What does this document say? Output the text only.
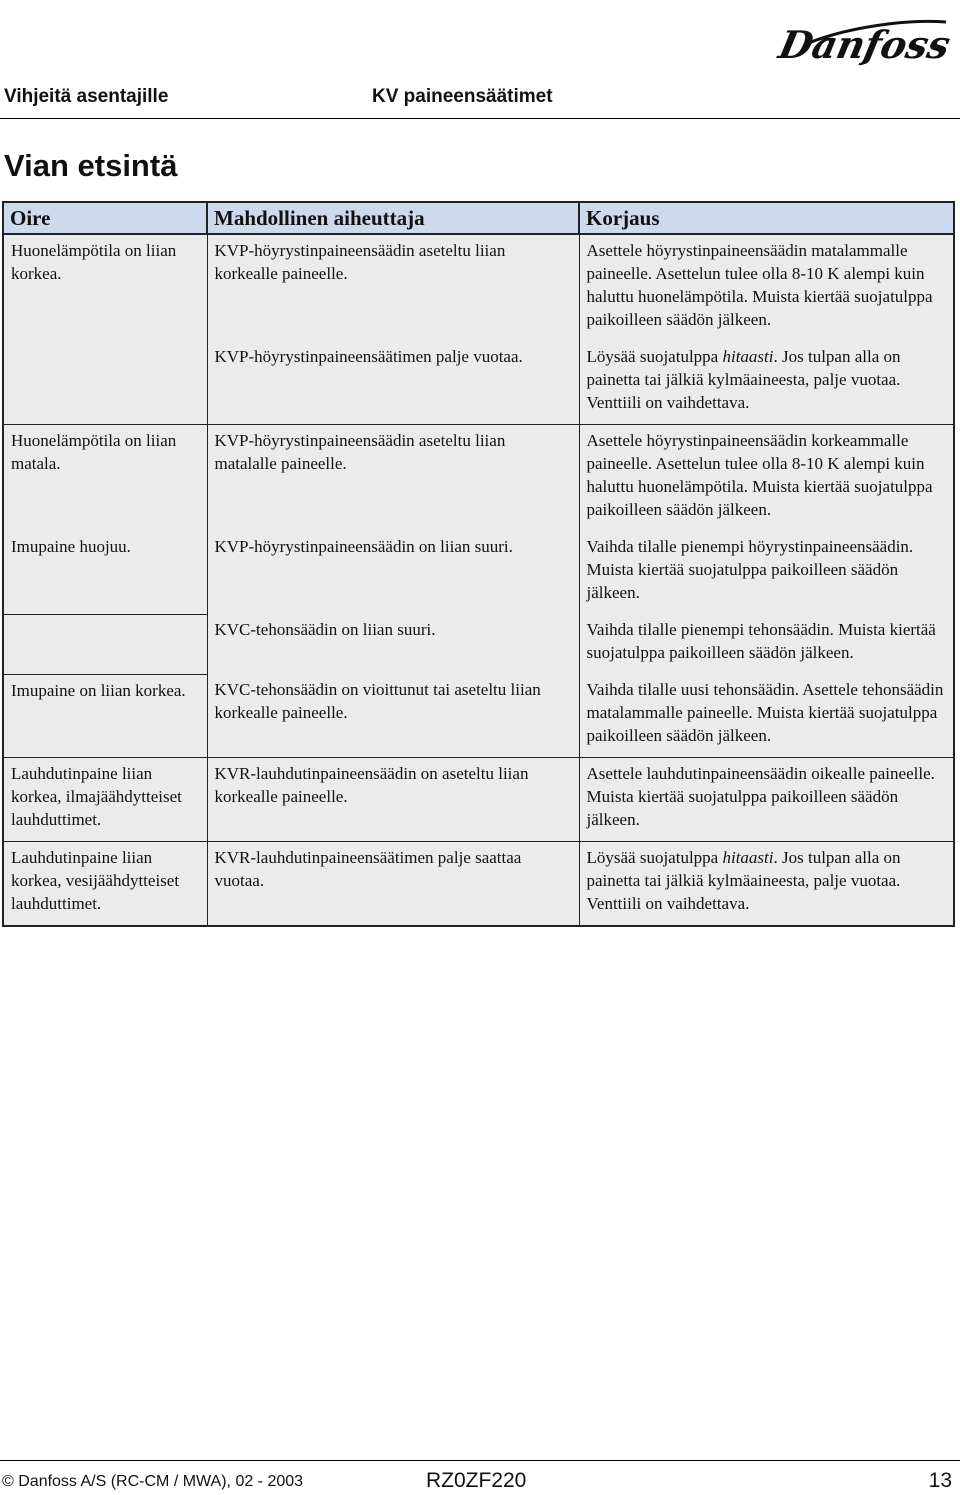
Danfoss
Vihjeitä asentajille	KV paineensäätimet
Vian etsintä
Oire	Mahdollinen aiheuttaja	Korjaus
Huonelämpötila on liian korkea.	KVP-höyrystinpaineensäädin aseteltu liian korkealle paineelle.	Asettele höyrystinpaineensäädin matalammalle paineelle. Asettelun tulee olla 8-10 K alempi kuin haluttu huonelämpötila. Muista kiertää suojatulppa paikoilleen säädön jälkeen.
	KVP-höyrystinpaineensäätimen palje vuotaa.	Löysää suojatulppa hitaasti. Jos tulpan alla on painetta tai jälkiä kylmäaineesta, palje vuotaa. Venttiili on vaihdettava.
Huonelämpötila on liian matala.	KVP-höyrystinpaineensäädin aseteltu liian matalalle paineelle.	Asettele höyrystinpaineensäädin korkeammalle paineelle. Asettelun tulee olla 8-10 K alempi kuin haluttu huonelämpötila. Muista kiertää suojatulppa paikoilleen säädön jälkeen.
Imupaine huojuu.	KVP-höyrystinpaineensäädin on liian suuri.	Vaihda tilalle pienempi höyrystinpaineensäädin. Muista kiertää suojatulppa paikoilleen säädön jälkeen.
	KVC-tehonsäädin on liian suuri.	Vaihda tilalle pienempi tehonsäädin. Muista kiertää suojatulppa paikoilleen säädön jälkeen.
Imupaine on liian korkea.	KVC-tehonsäädin on vioittunut tai aseteltu liian korkealle paineelle.	Vaihda tilalle uusi tehonsäädin. Asettele tehonsäädin matalammalle paineelle. Muista kiertää suojatulppa paikoilleen säädön jälkeen.
Lauhdutinpaine liian korkea, ilmajäähdytteiset lauhduttimet.	KVR-lauhdutinpaineensäädin on aseteltu liian korkealle paineelle.	Asettele lauhdutinpaineensäädin oikealle paineelle. Muista kiertää suojatulppa paikoilleen säädön jälkeen.
Lauhdutinpaine liian korkea, vesijäähdytteiset lauhduttimet.	KVR-lauhdutinpaineensäätimen palje saattaa vuotaa.	Löysää suojatulppa hitaasti. Jos tulpan alla on painetta tai jälkiä kylmäaineesta, palje vuotaa. Venttiili on vaihdettava.
© Danfoss A/S (RC-CM / MWA), 02 - 2003	RZ0ZF220	13
